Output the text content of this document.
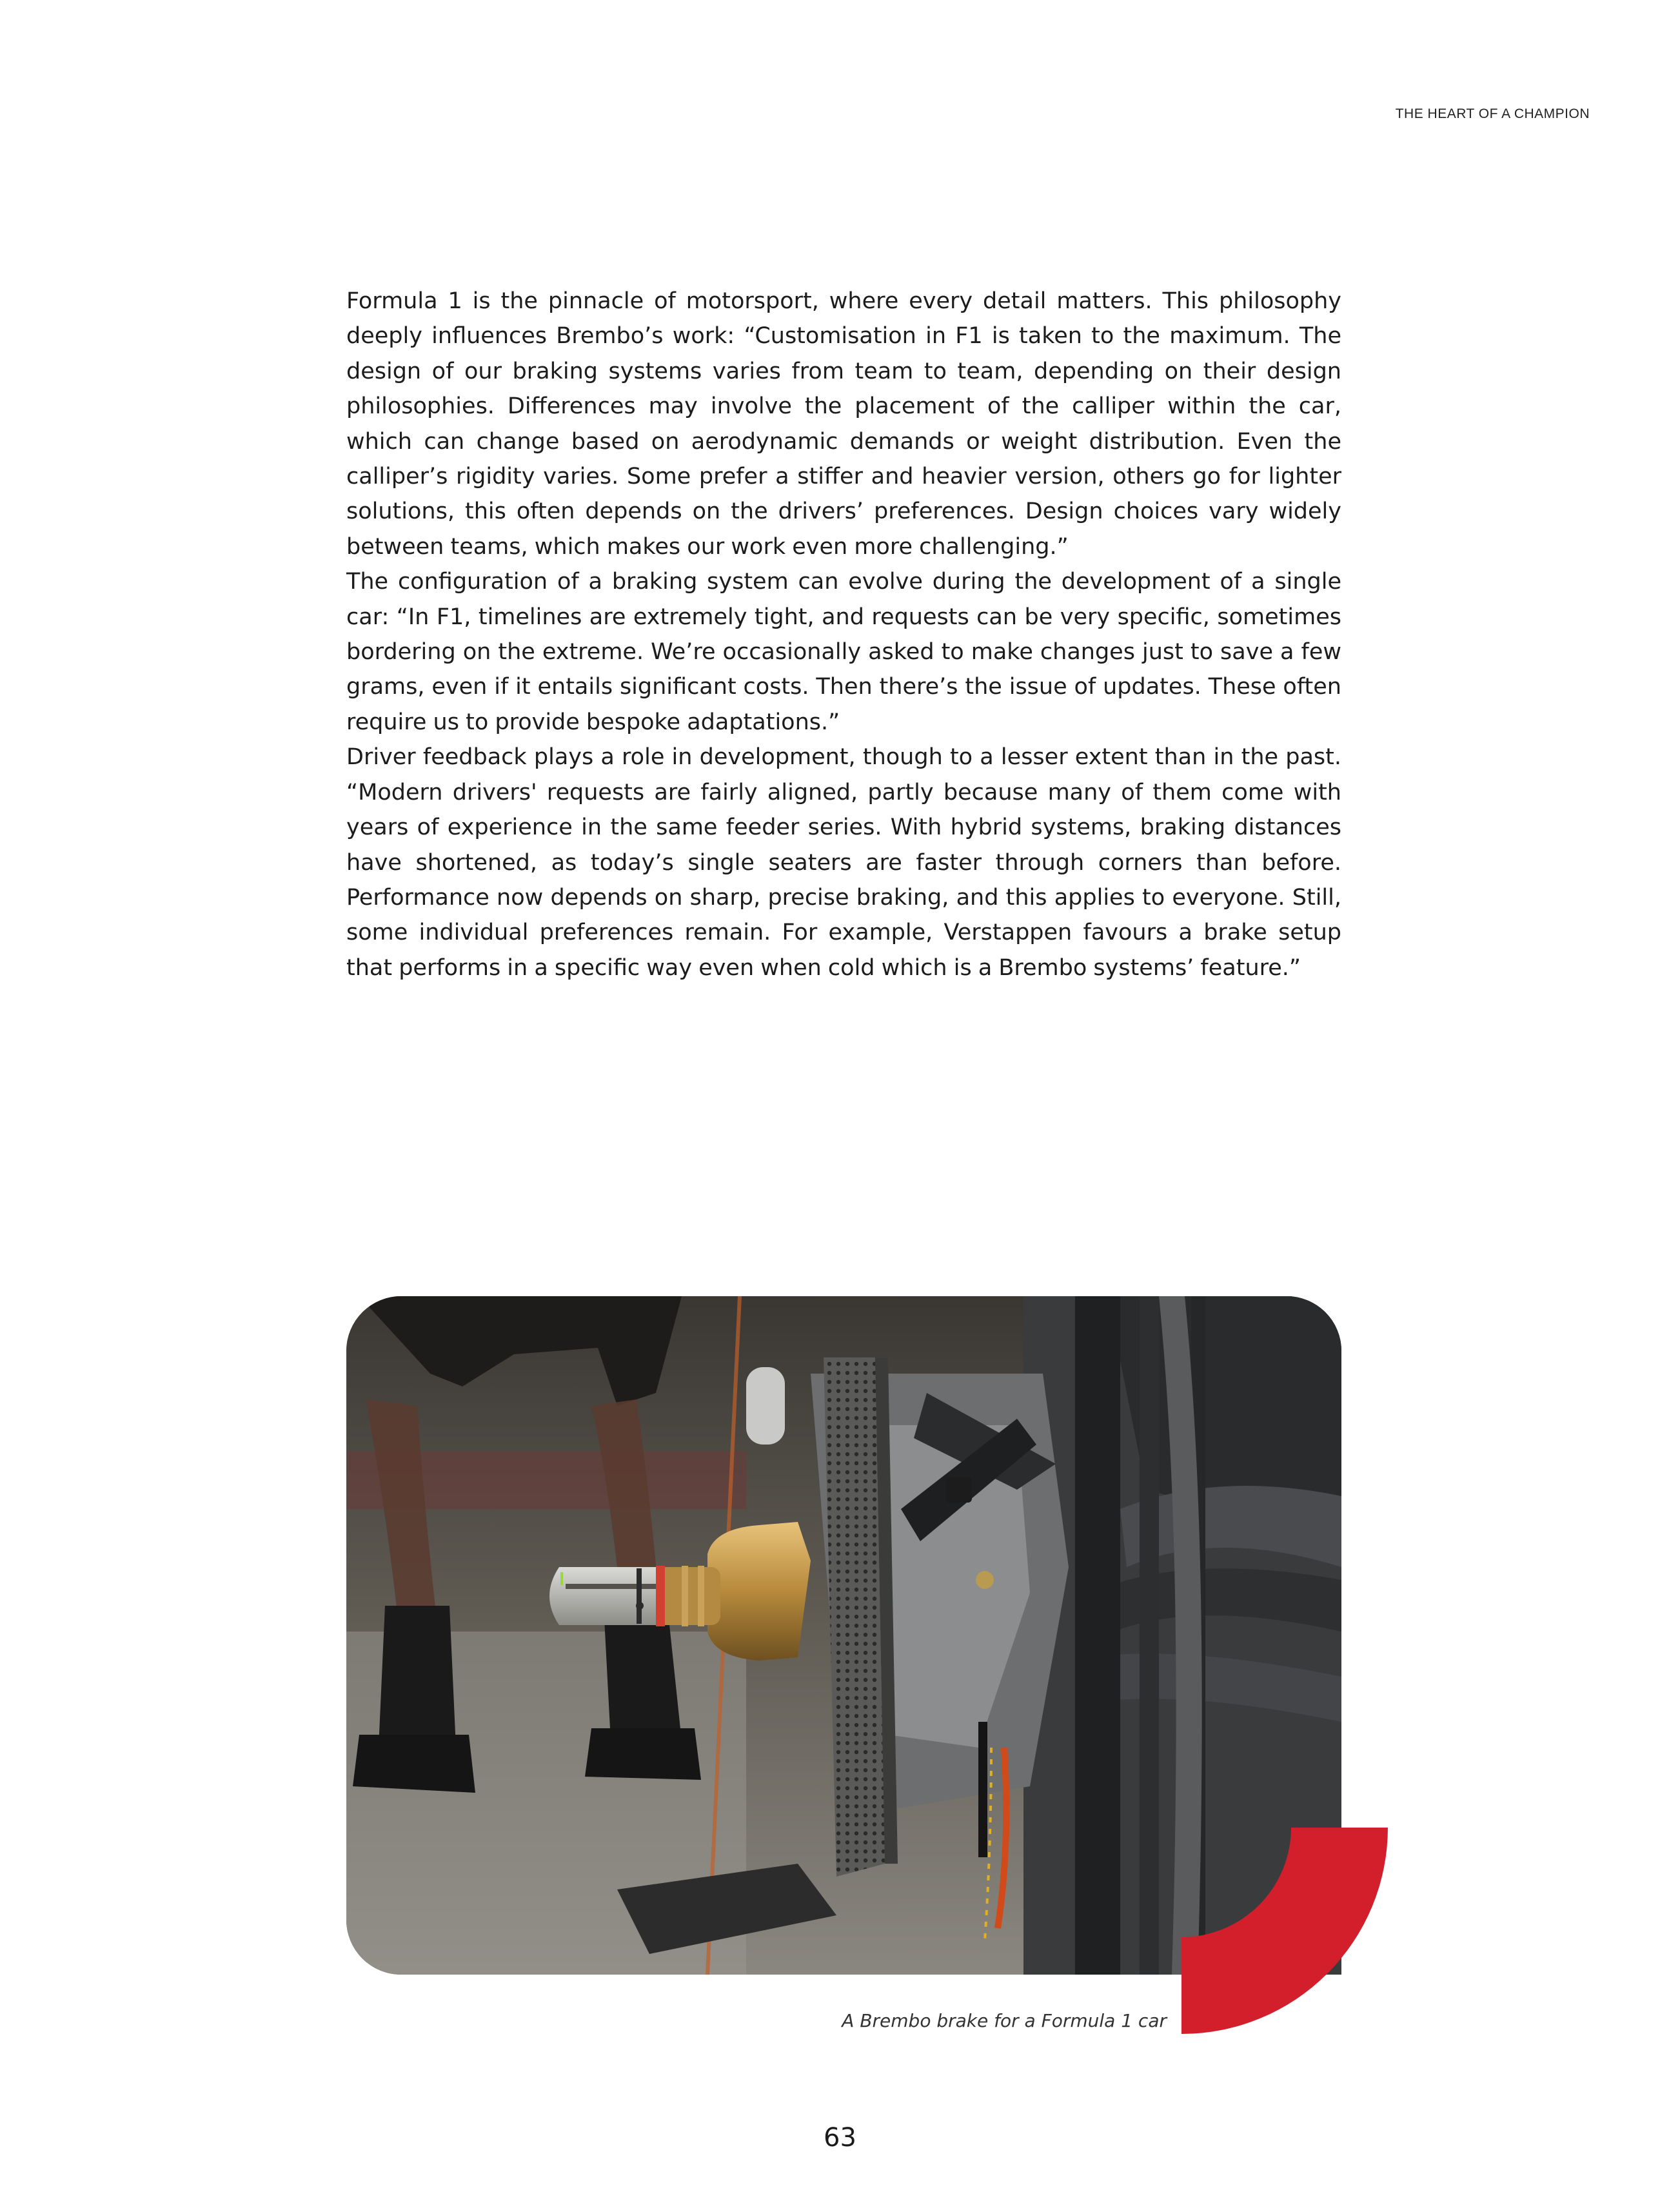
THE HEART OF A CHAMPION

Formula 1 is the pinnacle of motorsport, where every detail matters. This philosophy deeply influences Brembo’s work: “Customisation in F1 is taken to the maximum. The design of our braking systems varies from team to team, depending on their design philosophies. Differences may involve the placement of the calliper within the car, which can change based on aerodynamic demands or weight distribution. Even the calliper’s rigidity varies. Some prefer a stiffer and heavier version, others go for lighter solutions, this often depends on the drivers’ preferences. Design choices vary widely between teams, which makes our work even more challenging.”

The configuration of a braking system can evolve during the development of a single car: “In F1, timelines are extremely tight, and requests can be very specific, sometimes bordering on the extreme. We’re occasionally asked to make changes just to save a few grams, even if it entails significant costs. Then there’s the issue of updates. These often require us to provide bespoke adaptations.”

Driver feedback plays a role in development, though to a lesser extent than in the past. “Modern drivers' requests are fairly aligned, partly because many of them come with years of experience in the same feeder series. With hybrid systems, braking distances have shortened, as today’s single seaters are faster through corners than before. Performance now depends on sharp, precise braking, and this applies to everyone. Still, some individual preferences remain. For example, Verstappen favours a brake setup that performs in a specific way even when cold which is a Brembo systems’ feature.”

A Brembo brake for a Formula 1 car
63
